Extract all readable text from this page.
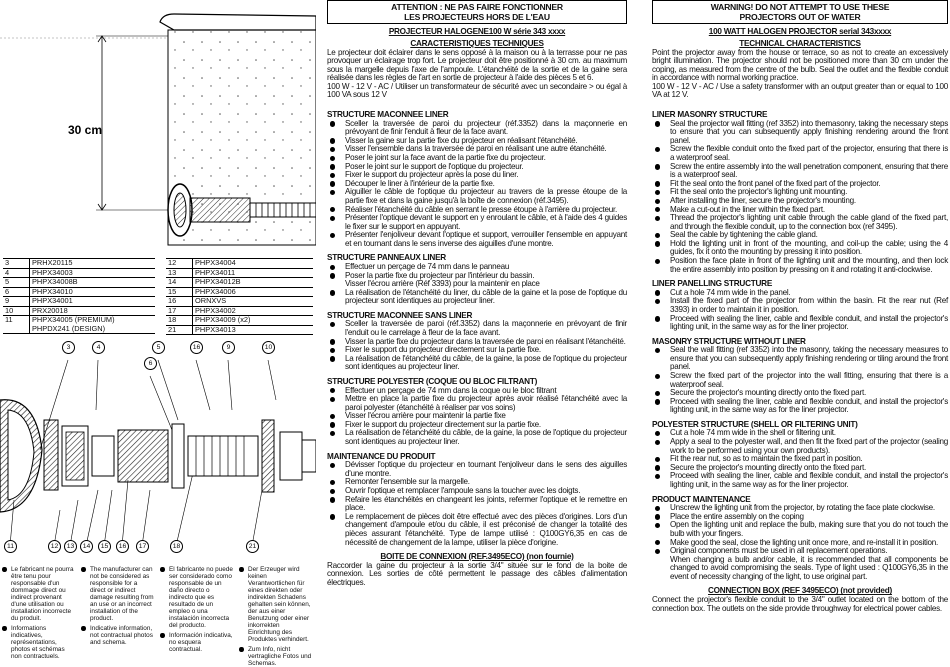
30 cm
3	PRHX20115
4	PHPX34003
5	PHPX34008B
6	PHPX34010
9	PHPX34001
10	PRX20018
11	PHPX34005 (PREMIUM)
PHPDX241 (DESIGN)
12	PHPX34004
13	PHPX34011
14	PHPX34012B
15	PHPX34006
16	ORNXVS
17	PHPX34002
18	PHPX34009 (x2)
21	PHPX34013
3	4	5
6
16	9	10
11	12	13	14	15	16	17	18	21
Le fabricant ne pourra être tenu pour responsable d'un dommage direct ou indirect provenant d'une utilisation ou installation incorrecte du produit.
Informations indicatives, représentations, photos et schémas non contractuels.
The manufacturer can not be considered as responsible for a direct or indirect damage resulting from an use or an incorrect installation of the product.
Indicative information, not contractual photos and schema.
El fabricante no puede ser considerado como responsable de un daño directo o indirecto que es resultado de un empleo o una instalación incorrecta del producto.
Información indicativa, no esquera contractual.
Der Erzeuger wird keinen Verantwortlichen für eines direkten oder indirekten Schadens gehalten sein können, der aus einer Benutzung oder einer inkorrekten Einrichtung des Produktes verhindert.
Zum Info, nicht vertragliche Fotos und Schemas.
ATTENTION : NE PAS FAIRE FONCTIONNER
LES PROJECTEURS HORS DE L'EAU
PROJECTEUR HALOGENE100 W série 343 xxxx
CARACTERISTIQUES TECHNIQUES

Le projecteur doit éclairer dans le sens opposé à la maison ou à la terrasse pour ne pas provoquer un éclairage trop fort. Le projecteur doit être positionné à 30 cm. au maximum sous la margelle depuis l'axe de l'ampoule. L'étanchéité de la sortie et de la gaine sera réalisée dans les règles de l'art en sortie de projecteur à l'aide des pièces 5 et 6.
100 W - 12 V - AC / Utiliser un transformateur de sécurité avec un secondaire > ou égal à 100 VA sous 12 V

STRUCTURE MACONNEE LINER
Sceller la traversée de paroi du projecteur (réf.3352) dans la maçonnerie en prévoyant de finir l'enduit à fleur de la face avant.
Visser la gaine sur la partie fixe du projecteur en réalisant l'étanchéité.
Visser l'ensemble dans la traversée de paroi en réalisant une autre étanchéité.
Poser le joint sur la face avant de la partie fixe du projecteur.
Poser le joint sur le support de l'optique du projecteur.
Fixer le support du projecteur après la pose du liner.
Découper le liner à l'intérieur de la partie fixe.
Aiguiller le câble de l'optique du projecteur au travers de la presse étoupe de la partie fixe et dans la gaine jusqu'à la boîte de connexion (réf.3495).
Réaliser l'étanchéité du câble en serrant le presse étoupe à l'arrière du projecteur.
Présenter l'optique devant le support en y enroulant le câble, et à l'aide des 4 guides le fixer sur le support en appuyant.
Présenter l'enjoliveur devant l'optique et support, verrouiller l'ensemble en appuyant et en tournant dans le sens inverse des aiguilles d'une montre.
STRUCTURE PANNEAUX LINER
Effectuer un perçage de 74 mm dans le panneau
Poser la partie fixe du projecteur par l'intérieur du bassin.
Visser l'écrou arrière (Réf 3393) pour la maintenir en place
La réalisation de l'étanchéité du liner, du câble de la gaine et la pose de l'optique du projecteur sont identiques au projecteur liner.
STRUCTURE MACONNEE SANS LINER
Sceller la traversée de paroi (réf.3352) dans la maçonnerie en prévoyant de finir l'enduit ou le carrelage à fleur de la face avant.
Visser la partie fixe du projecteur dans la traversée de paroi en réalisant l'étanchéité.
Fixer le support du projecteur directement sur la partie fixe.
La réalisation de l'étanchéité du câble, de la gaine, la pose de l'optique du projecteur sont identiques au projecteur liner.
STRUCTURE POLYESTER (COQUE OU BLOC FILTRANT)
Effectuer un perçage de 74 mm dans la coque ou le bloc filtrant
Mettre en place la partie fixe du projecteur après avoir réalisé l'étanchéité avec la paroi polyester (étanchéité à réaliser par vos soins)
Visser l'écrou arrière pour maintenir la partie fixe
Fixer le support du projecteur directement sur la partie fixe.
La réalisation de l'étanchéité du câble, de la gaine, la pose de l'optique du projecteur sont identiques au projecteur liner.
MAINTENANCE DU PRODUIT
Dévisser l'optique du projecteur en tournant l'enjoliveur dans le sens des aiguilles d'une montre.
Remonter l'ensemble sur la margelle.
Ouvrir l'optique et remplacer l'ampoule sans la toucher avec les doigts.
Refaire les étanchéités en changeant les joints, refermer l'optique et le remettre en place.
Le remplacement de pièces doit être effectué avec des pièces d'origines. Lors d'un changement d'ampoule et/ou du câble, il est préconisé de changer la totalité des pièces assurant l'étanchéité. Type de lampe utilisé : Q100GY6,35 en cas de nécessité de changement de la lampe, utiliser la pièce d'origine.
BOITE DE CONNEXION (REF.3495ECO) (non fournie)

Raccorder la gaine du projecteur à la sortie 3/4" située sur le fond de la boite de connexion. Les sorties de côté permettent le passage des câbles d'alimentation électriques.

WARNING! DO NOT ATTEMPT TO USE THESE
PROJECTORS OUT OF WATER
100 WATT HALOGEN PROJECTOR serial 343xxxx
TECHNICAL CHARACTERISTICS

Point the projector away from the house or terrace, so as not to create an excessively bright illumination. The projector should not be positioned more than 30 cm under the coping, as measured from the centre of the bulb. Seal the outlet and the flexible conduit in accordance with normal working practice.
100 W - 12 V - AC / Use a safety transformer with an output greater than or equal to 100 VA at 12 V.

LINER MASONRY STRUCTURE
Seal the projector wall fitting (ref 3352) into themasonry, taking the necessary steps to ensure that you can subsequently apply finishing rendering around the front panel.
Screw the flexible conduit onto the fixed part of the projector, ensuring that there is a waterproof seal.
Screw the entire assembly into the wall penetration component, ensuring that there is a waterproof seal.
Fit the seal onto the front panel of the fixed part of the projector.
Fit the seal onto the projector's lighting unit mounting.
After installing the liner, secure the projector's mounting.
Make a cut-out in the liner within the fixed part.
Thread the projector's lighting unit cable through the cable gland of the fixed part, and through the flexible conduit, up to the connection box (ref 3495).
Seal the cable by tightening the cable gland.
Hold the lighting unit in front of the mounting, and coil-up the cable; using the 4 guides, fix it onto the mounting by pressing it into position.
Position the face plate in front of the lighting unit and the mounting, and then lock the entire assembly into position by pressing on it and rotating it anti-clockwise.
LINER PANELLING STRUCTURE
Cut a hole 74 mm wide in the panel.
Install the fixed part of the projector from within the basin. Fit the rear nut (Ref 3393) in order to maintain it in position.
Proceed with sealing the liner, cable and flexible conduit, and install the projector's lighting unit, in the same way as for the liner projector.
MASONRY STRUCTURE WITHOUT LINER
Seal the wall fitting (ref 3352) into the masonry, taking the necessary measures to ensure that you can subsequently apply finishing rendering or tiling around the front panel.
Screw the fixed part of the projector into the wall fitting, ensuring that there is a waterproof seal.
Secure the projector's mounting directly onto the fixed part.
Proceed with sealing the liner, cable and flexible conduit, and install the projector's lighting unit, in the same way as for the liner projector.
POLYESTER STRUCTURE (SHELL OR FILTERING UNIT)
Cut a hole 74 mm wide in the shell or filtering unit.
Apply a seal to the polyester wall, and then fit the fixed part of the projector (sealing work to be performed using your own products).
Fit the rear nut, so as to maintain the fixed part in position.
Secure the projector's mounting directly onto the fixed part.
Proceed with sealing the liner, cable and flexible conduit, and install the projector's lighting unit, in the same way as for the liner projector.
PRODUCT MAINTENANCE
Unscrew the lighting unit from the projector, by rotating the face plate clockwise.
Place the entire assembly on the coping
Open the lighting unit and replace the bulb, making sure that you do not touch the bulb with your fingers.
Make good the seal, close the lighting unit once more, and re-install it in position.
Original components must be used in all replacement operations.
When changing a bulb and/or cable, it is recommended that all components be changed to avoid compromising the seals. Type of light used : Q100GY6,35 in the event of necessity changing of the light, to use original part.
CONNECTION BOX (REF 3495ECO) (not provided)

Connect the projector's flexible conduit to the 3/4" outlet located on the bottom of the connection box. The outlets on the side provide throughway for electrical power cables.
